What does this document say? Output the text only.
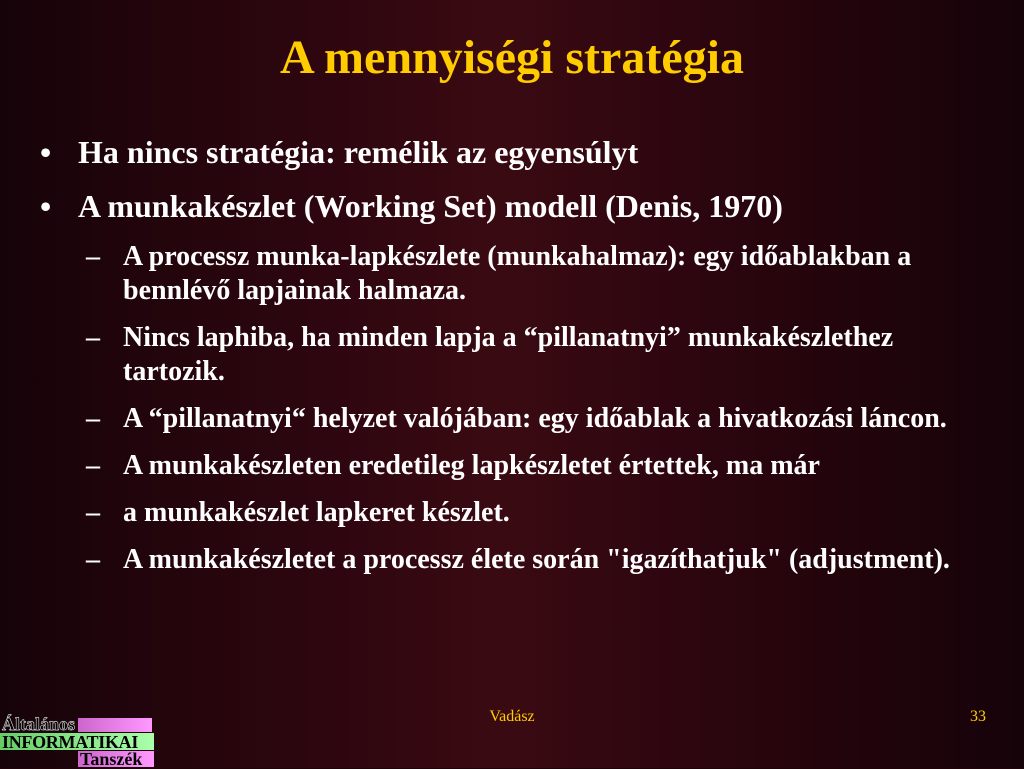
A mennyiségi stratégia
• Ha nincs stratégia: remélik az egyensúlyt
• A munkakészlet (Working Set) modell (Denis, 1970)
– A processz munka-lapkészlete (munkahalmaz): egy időablakban a bennlévő lapjainak halmaza.
– Nincs laphiba, ha minden lapja a “pillanatnyi” munkakészlethez tartozik.
– A “pillanatnyi“ helyzet valójában: egy időablak a hivatkozási láncon.
– A munkakészleten eredetileg lapkészletet értettek, ma már
– a munkakészlet lapkeret készlet.
– A munkakészletet a processz élete során "igazíthatjuk" (adjustment).
Általános
INFORMATIKAI
Tanszék
Vadász	33
